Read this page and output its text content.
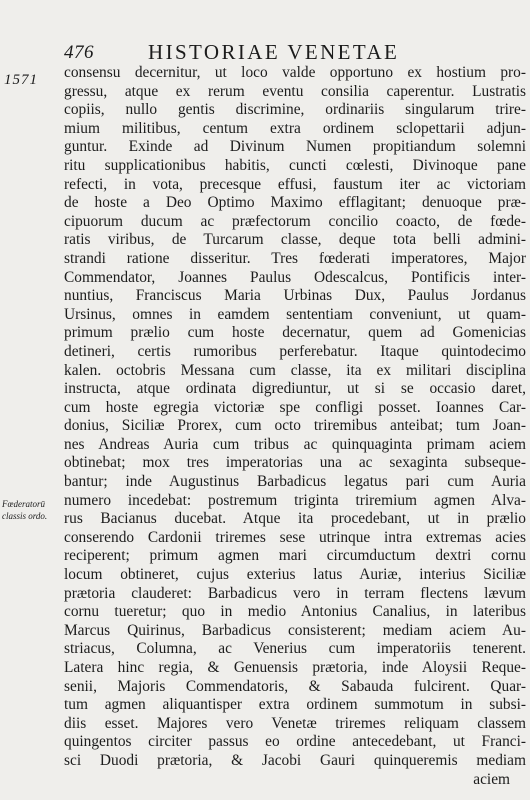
476	HISTORIAE VENETAE
1571
Fœderatorū
classis ordo.
consensu decernitur, ut loco valde opportuno ex hostium pro-
gressu, atque ex rerum eventu consilia caperentur. Lustratis
copiis, nullo gentis discrimine, ordinariis singularum trire-
mium militibus, centum extra ordinem sclopettarii adjun-
guntur. Exinde ad Divinum Numen propitiandum solemni
ritu supplicationibus habitis, cuncti cœlesti, Divinoque pane
refecti, in vota, precesque effusi, faustum iter ac victoriam
de hoste a Deo Optimo Maximo efflagitant; denuoque præ-
cipuorum ducum ac præfectorum concilio coacto, de fœde-
ratis viribus, de Turcarum classe, deque tota belli admini-
strandi ratione disseritur. Tres fœderati imperatores, Major
Commendator, Joannes Paulus Odescalcus, Pontificis inter-
nuntius, Franciscus Maria Urbinas Dux, Paulus Jordanus
Ursinus, omnes in eamdem sententiam conveniunt, ut quam-
primum prælio cum hoste decernatur, quem ad Gomenicias
detineri, certis rumoribus perferebatur. Itaque quintodecimo
kalen. octobris Messana cum classe, ita ex militari disciplina
instructa, atque ordinata digrediuntur, ut si se occasio daret,
cum hoste egregia victoriæ spe confligi posset. Ioannes Car-
donius, Siciliæ Prorex, cum octo triremibus anteibat; tum Joan-
nes Andreas Auria cum tribus ac quinquaginta primam aciem
obtinebat; mox tres imperatorias una ac sexaginta subseque-
bantur; inde Augustinus Barbadicus legatus pari cum Auria
numero incedebat: postremum triginta triremium agmen Alva-
rus Bacianus ducebat. Atque ita procedebant, ut in prælio
conserendo Cardonii triremes sese utrinque intra extremas acies
reciperent; primum agmen mari circumductum dextri cornu
locum obtineret, cujus exterius latus Auriæ, interius Siciliæ
prætoria clauderet: Barbadicus vero in terram flectens lævum
cornu tueretur; quo in medio Antonius Canalius, in lateribus
Marcus Quirinus, Barbadicus consisterent; mediam aciem Au-
striacus, Columna, ac Venerius cum imperatoriis tenerent.
Latera hinc regia, & Genuensis prætoria, inde Aloysii Reque-
senii, Majoris Commendatoris, & Sabauda fulcirent. Quar-
tum agmen aliquantisper extra ordinem summotum in subsi-
diis esset. Majores vero Venetæ triremes reliquam classem
quingentos circiter passus eo ordine antecedebant, ut Franci-
sci Duodi prætoria, & Jacobi Gauri quinqueremis mediam
aciem
